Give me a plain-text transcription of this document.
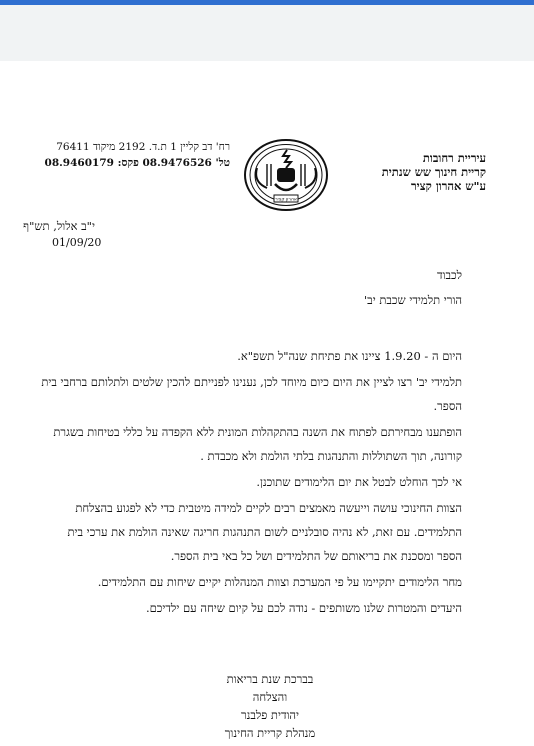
עיריית רחובות
קריית חינוך שש שנתית
ע"ש אהרון קציר
אהרון קציר
רח' דב קליין 1 ת.ד. 2192 מיקוד 76411
טל' 08.9476526 פקס: 08.9460179
י"ב אלול, תש"ף
01/09/20
לכבוד
הורי תלמידי שכבת יב'
היום ה - 1.9.20 ציינו את פתיחת שנה"ל תשפ"א.
תלמידי יב' רצו לציין את היום כיום מיוחד לכן, נענינו לפנייתם להכין שלטים ולתלותם ברחבי בית הספר.
הופתענו מבחירתם לפתוח את השנה בהתקהלות המונית ללא הקפדה על כללי בטיחות בשגרת קורונה, תוך השתוללות והתנהגות בלתי הולמת ולא מכבדת .
אי לכך הוחלט לבטל את יום הלימודים שתוכנן.
הצוות החינוכי עושה וייעשה מאמצים רבים לקיים למידה מיטבית כדי לא לפגוע בהצלחת התלמידים. עם זאת, לא נהיה סובלניים לשום התנהגות חריגה שאינה הולמת את ערכי בית הספר ומסכנת את בריאותם של התלמידים ושל כל באי בית הספר.
מחר הלימודים יתקיימו על פי המערכת וצוות המנהלות יקיים שיחות עם התלמידים.
היעדים והמטרות שלנו משותפים - נודה לכם על קיום שיחה עם ילדיכם.
בברכת שנת בריאות והצלחה
יהודית פלבנר
מנהלת קריית החינוך
